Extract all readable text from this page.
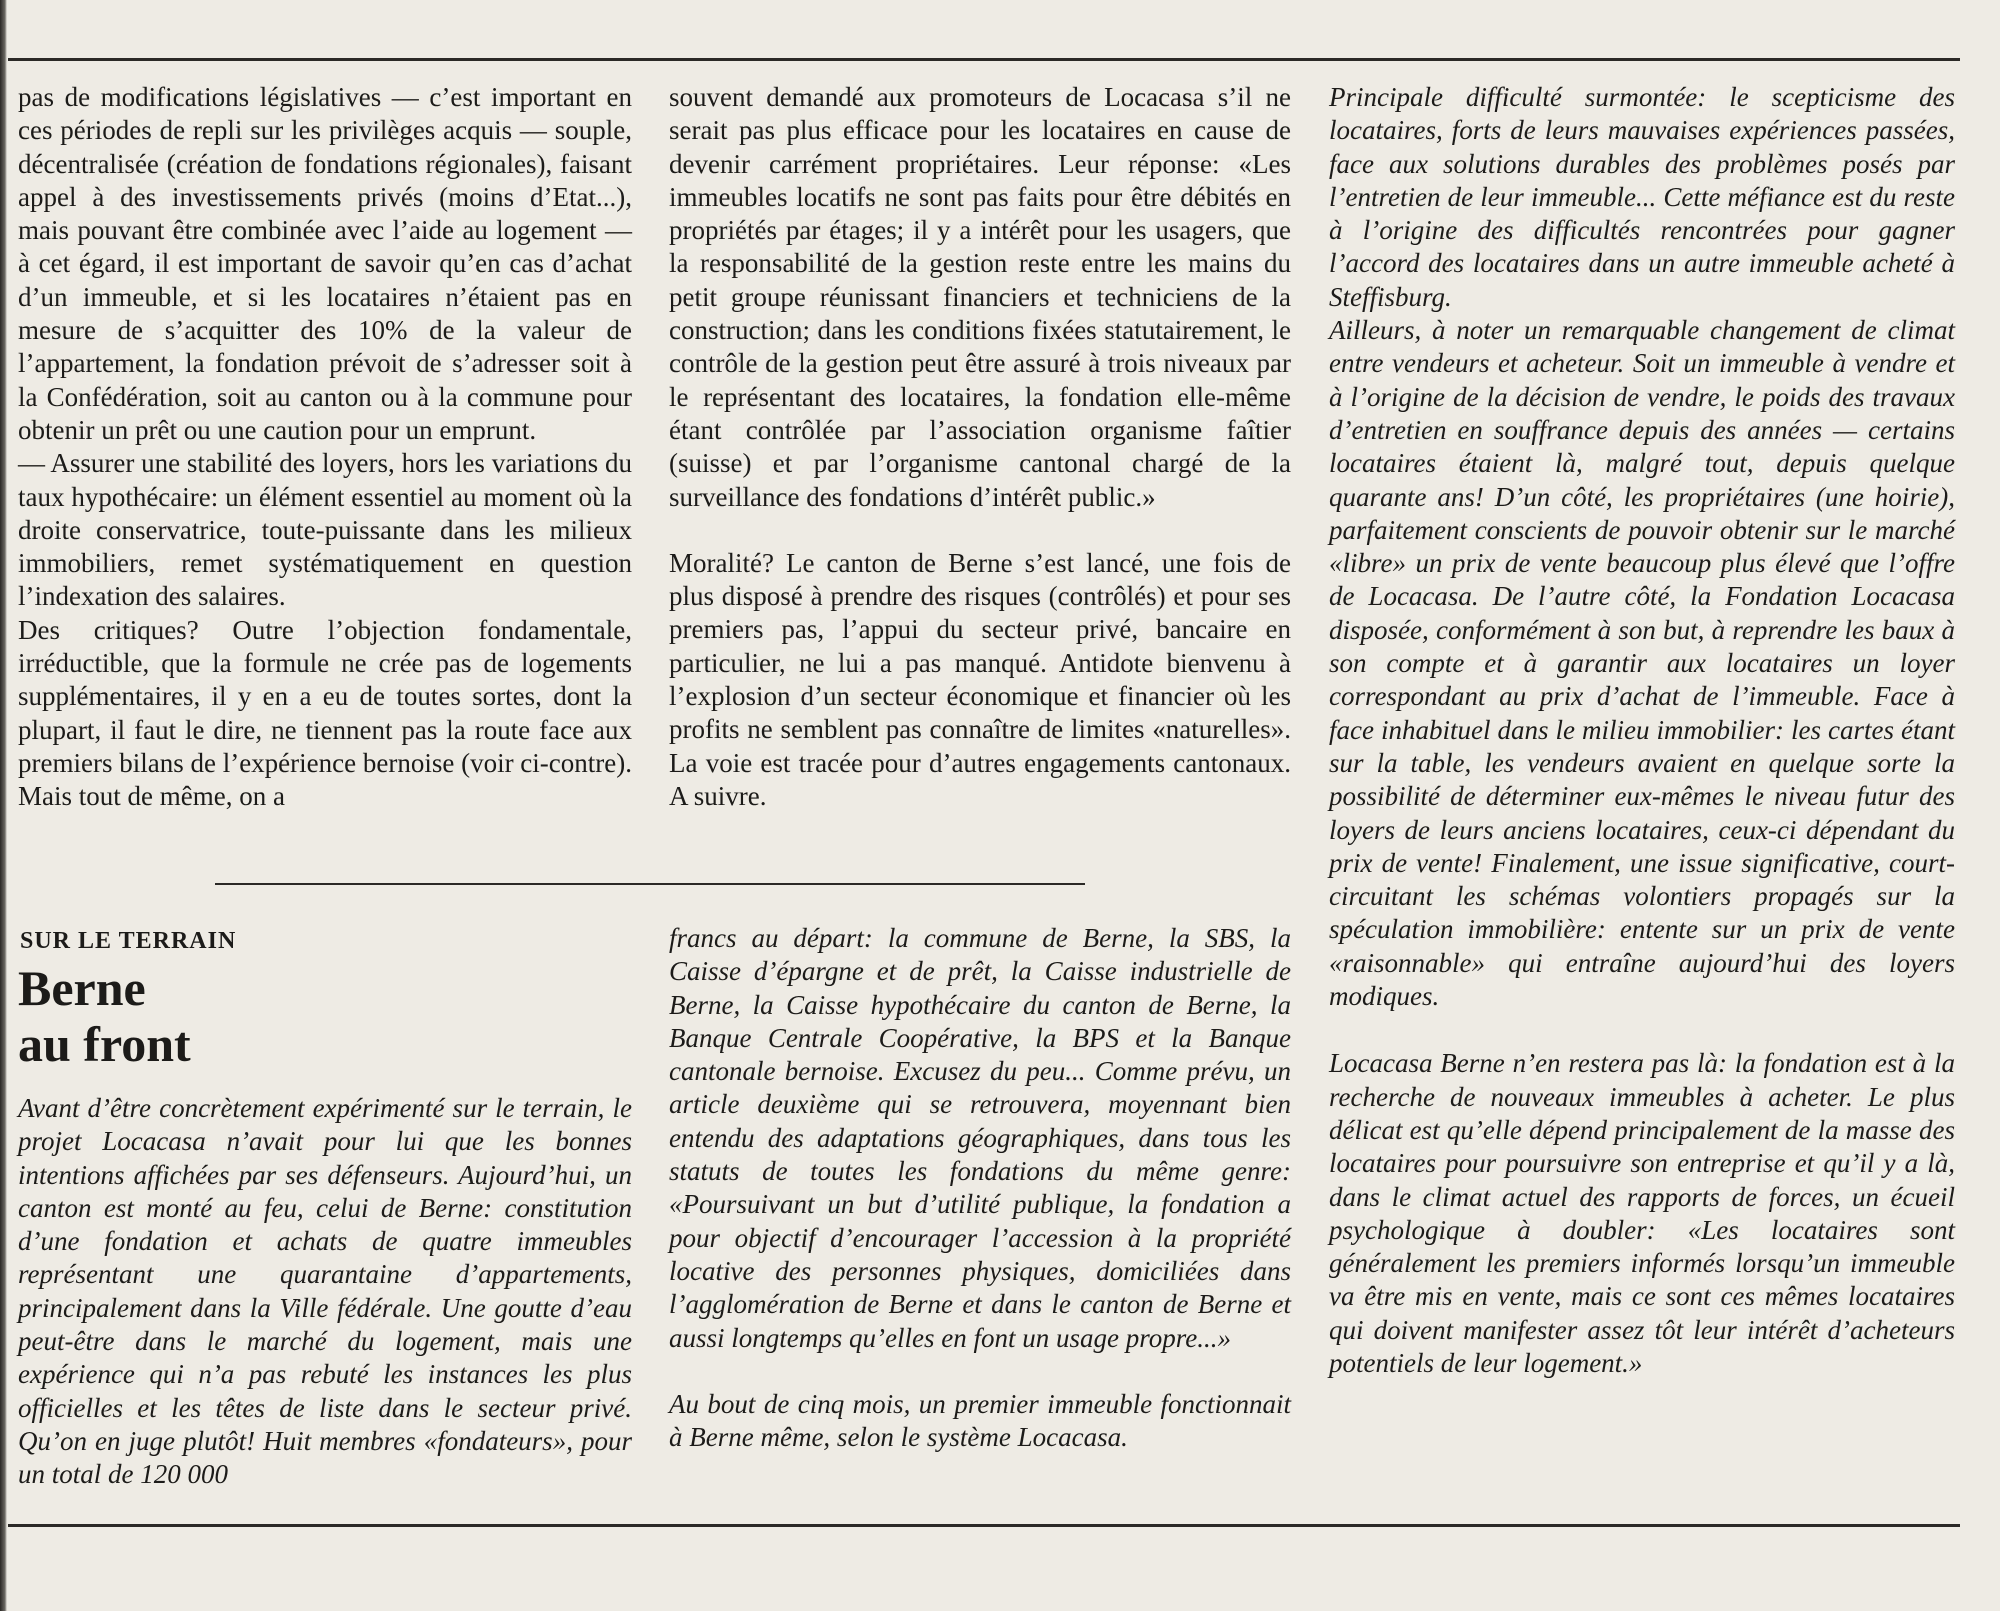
pas de modifications législatives — c’est important en ces périodes de repli sur les privilèges acquis — souple, décentralisée (création de fondations régionales), faisant appel à des investissements privés (moins d’Etat...), mais pouvant être combinée avec l’aide au logement — à cet égard, il est important de savoir qu’en cas d’achat d’un immeuble, et si les locataires n’étaient pas en mesure de s’acquitter des 10% de la valeur de l’appartement, la fondation prévoit de s’adresser soit à la Confédération, soit au canton ou à la commune pour obtenir un prêt ou une caution pour un emprunt.

— Assurer une stabilité des loyers, hors les variations du taux hypothécaire: un élément essentiel au moment où la droite conservatrice, toute-puissante dans les milieux immobiliers, remet systématiquement en question l’indexation des salaires.

Des critiques? Outre l’objection fondamentale, irréductible, que la formule ne crée pas de logements supplémentaires, il y en a eu de toutes sortes, dont la plupart, il faut le dire, ne tiennent pas la route face aux premiers bilans de l’expérience bernoise (voir ci-contre). Mais tout de même, on a

souvent demandé aux promoteurs de Locacasa s’il ne serait pas plus efficace pour les locataires en cause de devenir carrément propriétaires. Leur réponse: «Les immeubles locatifs ne sont pas faits pour être débités en propriétés par étages; il y a intérêt pour les usagers, que la responsabilité de la gestion reste entre les mains du petit groupe réunissant financiers et techniciens de la construction; dans les conditions fixées statutairement, le contrôle de la gestion peut être assuré à trois niveaux par le représentant des locataires, la fondation elle-même étant contrôlée par l’association organisme faîtier (suisse) et par l’organisme cantonal chargé de la surveillance des fondations d’intérêt public.»

Moralité? Le canton de Berne s’est lancé, une fois de plus disposé à prendre des risques (contrôlés) et pour ses premiers pas, l’appui du secteur privé, bancaire en particulier, ne lui a pas manqué. Antidote bienvenu à l’explosion d’un secteur économique et financier où les profits ne semblent pas connaître de limites «naturelles». La voie est tracée pour d’autres engagements cantonaux. A suivre.

Principale difficulté surmontée: le scepticisme des locataires, forts de leurs mauvaises expériences passées, face aux solutions durables des problèmes posés par l’entretien de leur immeuble... Cette méfiance est du reste à l’origine des difficultés rencontrées pour gagner l’accord des locataires dans un autre immeuble acheté à Steffisburg.

Ailleurs, à noter un remarquable changement de climat entre vendeurs et acheteur. Soit un immeuble à vendre et à l’origine de la décision de vendre, le poids des travaux d’entretien en souffrance depuis des années — certains locataires étaient là, malgré tout, depuis quelque quarante ans! D’un côté, les propriétaires (une hoirie), parfaitement conscients de pouvoir obtenir sur le marché «libre» un prix de vente beaucoup plus élevé que l’offre de Locacasa. De l’autre côté, la Fondation Locacasa disposée, conformément à son but, à reprendre les baux à son compte et à garantir aux locataires un loyer correspondant au prix d’achat de l’immeuble. Face à face inhabituel dans le milieu immobilier: les cartes étant sur la table, les vendeurs avaient en quelque sorte la possibilité de déterminer eux-mêmes le niveau futur des loyers de leurs anciens locataires, ceux-ci dépendant du prix de vente! Finalement, une issue significative, court-circuitant les schémas volontiers propagés sur la spéculation immobilière: entente sur un prix de vente «raisonnable» qui entraîne aujourd’hui des loyers modiques.

Locacasa Berne n’en restera pas là: la fondation est à la recherche de nouveaux immeubles à acheter. Le plus délicat est qu’elle dépend principalement de la masse des locataires pour poursuivre son entreprise et qu’il y a là, dans le climat actuel des rapports de forces, un écueil psychologique à doubler: «Les locataires sont généralement les premiers informés lorsqu’un immeuble va être mis en vente, mais ce sont ces mêmes locataires qui doivent manifester assez tôt leur intérêt d’acheteurs potentiels de leur logement.»

SUR LE TERRAIN
Berne
au front

Avant d’être concrètement expérimenté sur le terrain, le projet Locacasa n’avait pour lui que les bonnes intentions affichées par ses défenseurs. Aujourd’hui, un canton est monté au feu, celui de Berne: constitution d’une fondation et achats de quatre immeubles représentant une quarantaine d’appartements, principalement dans la Ville fédérale. Une goutte d’eau peut-être dans le marché du logement, mais une expérience qui n’a pas rebuté les instances les plus officielles et les têtes de liste dans le secteur privé. Qu’on en juge plutôt! Huit membres «fondateurs», pour un total de 120 000

francs au départ: la commune de Berne, la SBS, la Caisse d’épargne et de prêt, la Caisse industrielle de Berne, la Caisse hypothécaire du canton de Berne, la Banque Centrale Coopérative, la BPS et la Banque cantonale bernoise. Excusez du peu... Comme prévu, un article deuxième qui se retrouvera, moyennant bien entendu des adaptations géographiques, dans tous les statuts de toutes les fondations du même genre: «Poursuivant un but d’utilité publique, la fondation a pour objectif d’encourager l’accession à la propriété locative des personnes physiques, domiciliées dans l’agglomération de Berne et dans le canton de Berne et aussi longtemps qu’elles en font un usage propre...»

Au bout de cinq mois, un premier immeuble fonctionnait à Berne même, selon le système Locacasa.
